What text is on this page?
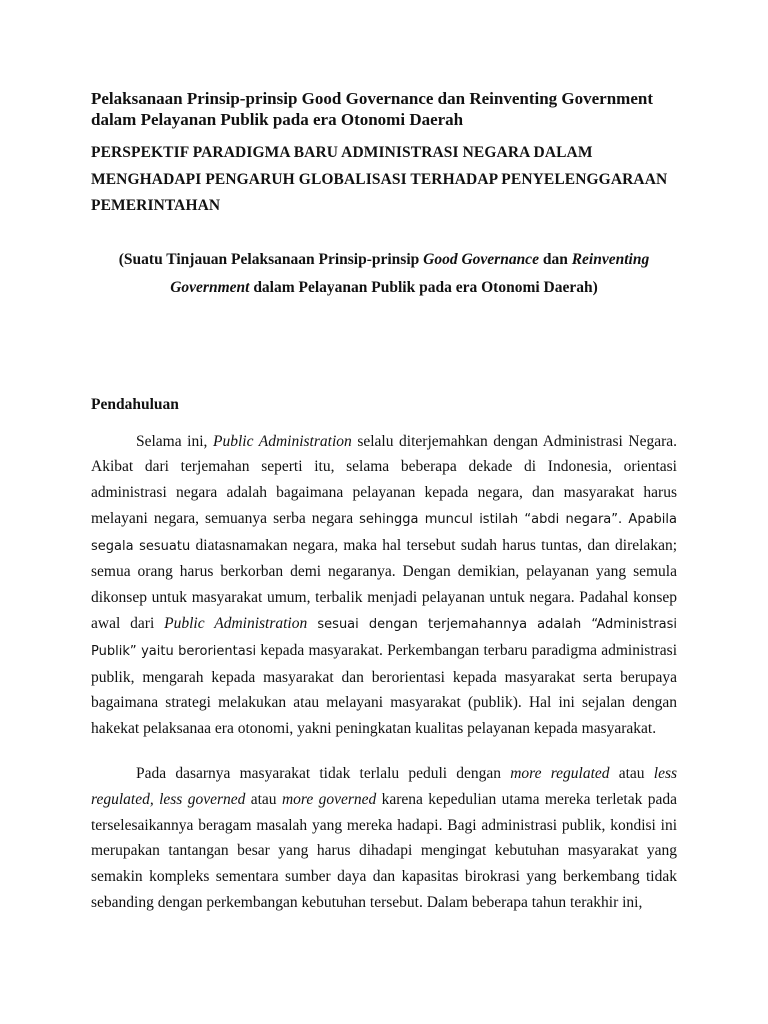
Pelaksanaan Prinsip-prinsip Good Governance dan Reinventing Government
dalam Pelayanan Publik pada era Otonomi Daerah
PERSPEKTIF PARADIGMA BARU ADMINISTRASI NEGARA DALAM
MENGHADAPI PENGARUH GLOBALISASI TERHADAP PENYELENGGARAAN
PEMERINTAHAN

(Suatu Tinjauan Pelaksanaan Prinsip-prinsip Good Governance dan Reinventing
Government dalam Pelayanan Publik pada era Otonomi Daerah)

Pendahuluan

Selama ini, Public Administration selalu diterjemahkan dengan Administrasi Negara. Akibat dari terjemahan seperti itu, selama beberapa dekade di Indonesia, orientasi administrasi negara adalah bagaimana pelayanan kepada negara, dan masyarakat harus melayani negara, semuanya serba negara sehingga muncul istilah “abdi negara”. Apabila segala sesuatu diatasnamakan negara, maka hal tersebut sudah harus tuntas, dan direlakan; semua orang harus berkorban demi negaranya. Dengan demikian, pelayanan yang semula dikonsep untuk masyarakat umum, terbalik menjadi pelayanan untuk negara. Padahal konsep awal dari Public Administration sesuai dengan terjemahannya adalah “Administrasi Publik” yaitu berorientasi kepada masyarakat. Perkembangan terbaru paradigma administrasi publik, mengarah kepada masyarakat dan berorientasi kepada masyarakat serta berupaya bagaimana strategi melakukan atau melayani masyarakat (publik). Hal ini sejalan dengan hakekat pelaksanaa era otonomi, yakni peningkatan kualitas pelayanan kepada masyarakat.

Pada dasarnya masyarakat tidak terlalu peduli dengan more regulated atau less regulated, less governed atau more governed karena kepedulian utama mereka terletak pada terselesaikannya beragam masalah yang mereka hadapi. Bagi administrasi publik, kondisi ini merupakan tantangan besar yang harus dihadapi mengingat kebutuhan masyarakat yang semakin kompleks sementara sumber daya dan kapasitas birokrasi yang berkembang tidak sebanding dengan perkembangan kebutuhan tersebut. Dalam beberapa tahun terakhir ini,
